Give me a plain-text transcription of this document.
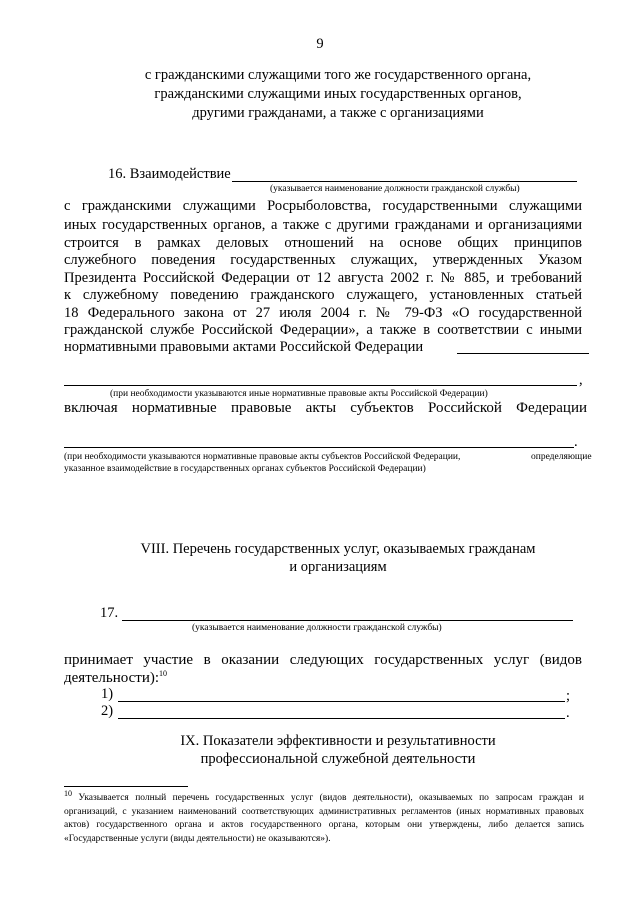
9
с гражданскими служащими того же государственного органа,
гражданскими служащими иных государственных органов,
другими гражданами, а также с организациями
16. Взаимодействие
(указывается наименование должности гражданской службы)
с гражданскими служащими Росрыболовства, государственными служащими
иных государственных органов, а также с другими гражданами и организациями
строится в рамках деловых отношений на основе общих принципов
служебного поведения государственных служащих, утвержденных Указом
Президента Российской Федерации от 12 августа 2002 г. № 885, и требований
к служебному поведению гражданского служащего, установленных статьей
18 Федерального закона от 27 июля 2004 г. № 79-ФЗ «О государственной
гражданской службе Российской Федерации», а также в соответствии с иными
нормативными правовыми актами Российской Федерации
,
(при необходимости указываются иные нормативные правовые акты Российской Федерации)
включая нормативные правовые акты субъектов Российской Федерации
.
(при необходимости указываются нормативные правовые акты субъектов Российской Федерации,	определяющие
указанное взаимодействие в государственных органах субъектов Российской Федерации)
VIII. Перечень государственных услуг, оказываемых гражданам
и организациям
17.
(указывается наименование должности гражданской службы)
принимает участие в оказании следующих государственных услуг (видов
деятельности):$^{10}$
1)	;
2)	.
IX. Показатели эффективности и результативности
профессиональной служебной деятельности
$^{10}$ Указывается полный перечень государственных услуг (видов деятельности), оказываемых по запросам граждан и организаций, с указанием наименований соответствующих административных регламентов (иных нормативных правовых актов) государственного органа и актов государственного органа, которым они утверждены, либо делается запись «Государственные услуги (виды деятельности) не оказываются»).
